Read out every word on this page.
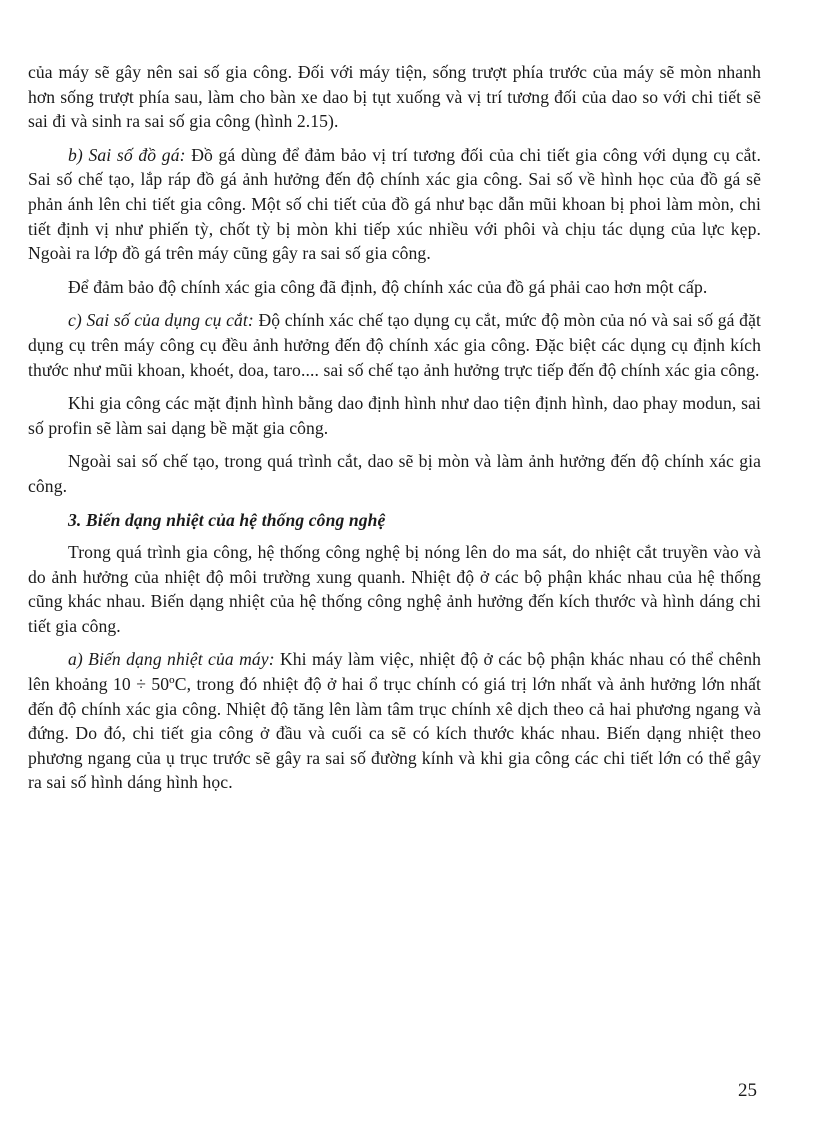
của máy sẽ gây nên sai số gia công. Đối với máy tiện, sống trượt phía trước của máy sẽ mòn nhanh hơn sống trượt phía sau, làm cho bàn xe dao bị tụt xuống và vị trí tương đối của dao so với chi tiết sẽ sai đi và sinh ra sai số gia công (hình 2.15).

b) Sai số đồ gá: Đồ gá dùng để đảm bảo vị trí tương đối của chi tiết gia công với dụng cụ cắt. Sai số chế tạo, lắp ráp đồ gá ảnh hưởng đến độ chính xác gia công. Sai số về hình học của đồ gá sẽ phản ánh lên chi tiết gia công. Một số chi tiết của đồ gá như bạc dẫn mũi khoan bị phoi làm mòn, chi tiết định vị như phiến tỳ, chốt tỳ bị mòn khi tiếp xúc nhiều với phôi và chịu tác dụng của lực kẹp. Ngoài ra lớp đồ gá trên máy cũng gây ra sai số gia công.

Để đảm bảo độ chính xác gia công đã định, độ chính xác của đồ gá phải cao hơn một cấp.

c) Sai số của dụng cụ cắt: Độ chính xác chế tạo dụng cụ cắt, mức độ mòn của nó và sai số gá đặt dụng cụ trên máy công cụ đều ảnh hưởng đến độ chính xác gia công. Đặc biệt các dụng cụ định kích thước như mũi khoan, khoét, doa, taro.... sai số chế tạo ảnh hưởng trực tiếp đến độ chính xác gia công.

Khi gia công các mặt định hình bằng dao định hình như dao tiện định hình, dao phay modun, sai số profin sẽ làm sai dạng bề mặt gia công.

Ngoài sai số chế tạo, trong quá trình cắt, dao sẽ bị mòn và làm ảnh hưởng đến độ chính xác gia công.

3. Biến dạng nhiệt của hệ thống công nghệ

Trong quá trình gia công, hệ thống công nghệ bị nóng lên do ma sát, do nhiệt cắt truyền vào và do ảnh hưởng của nhiệt độ môi trường xung quanh. Nhiệt độ ở các bộ phận khác nhau của hệ thống cũng khác nhau. Biến dạng nhiệt của hệ thống công nghệ ảnh hưởng đến kích thước và hình dáng chi tiết gia công.

a) Biến dạng nhiệt của máy: Khi máy làm việc, nhiệt độ ở các bộ phận khác nhau có thể chênh lên khoảng 10 ÷ 50ºC, trong đó nhiệt độ ở hai ổ trục chính có giá trị lớn nhất và ảnh hưởng lớn nhất đến độ chính xác gia công. Nhiệt độ tăng lên làm tâm trục chính xê dịch theo cả hai phương ngang và đứng. Do đó, chi tiết gia công ở đầu và cuối ca sẽ có kích thước khác nhau. Biến dạng nhiệt theo phương ngang của ụ trục trước sẽ gây ra sai số đường kính và khi gia công các chi tiết lớn có thể gây ra sai số hình dáng hình học.

25
